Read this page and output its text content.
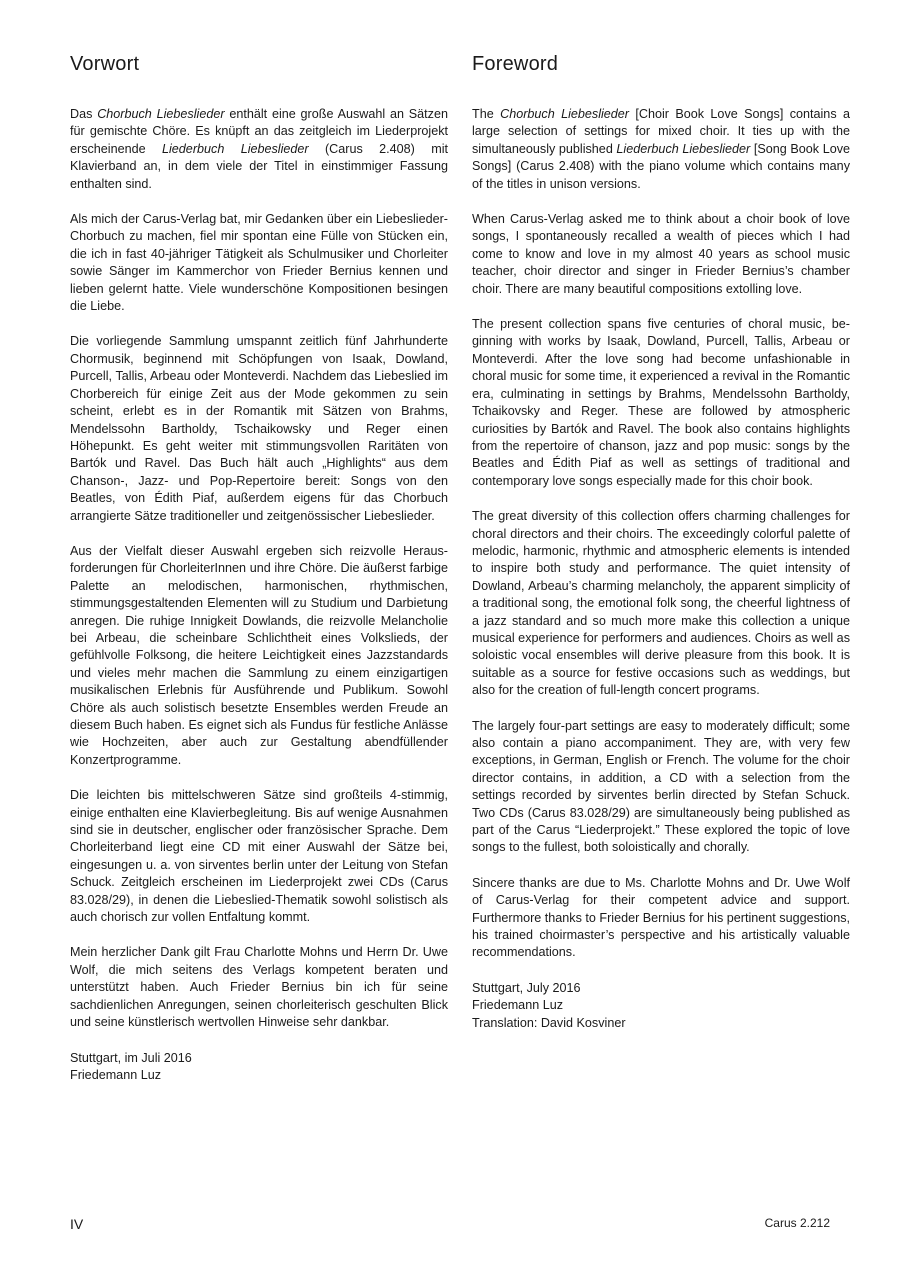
Vorwort

Das Chorbuch Liebeslieder enthält eine große Auswahl an Sätzen für gemischte Chöre. Es knüpft an das zeitgleich im Liederprojekt erscheinende Liederbuch Liebeslieder (Carus 2.408) mit Klavierband an, in dem viele der Titel in einstimmiger Fassung enthalten sind.

Als mich der Carus-Verlag bat, mir Gedanken über ein Liebeslieder-Chorbuch zu machen, fiel mir spontan eine Fülle von Stücken ein, die ich in fast 40-jähriger Tätigkeit als Schulmusiker und Chorleiter sowie Sänger im Kammerchor von Frieder Bernius kennen und lieben gelernt hatte. Viele wunderschöne Kompositionen besingen die Liebe.

Die vorliegende Sammlung umspannt zeitlich fünf Jahrhunderte Chormusik, beginnend mit Schöpfungen von Isaak, Dowland, Purcell, Tallis, Arbeau oder Monteverdi. Nachdem das Liebeslied im Chorbereich für einige Zeit aus der Mode gekommen zu sein scheint, erlebt es in der Romantik mit Sätzen von Brahms, Mendelssohn Bartholdy, Tschaikowsky und Reger einen Höhepunkt. Es geht weiter mit stimmungsvollen Raritäten von Bartók und Ravel. Das Buch hält auch „Highlights“ aus dem Chanson-, Jazz- und Pop-Repertoire bereit: Songs von den Beatles, von Édith Piaf, außerdem eigens für das Chorbuch arrangierte Sätze traditioneller und zeitgenössischer Liebeslieder.

Aus der Vielfalt dieser Auswahl ergeben sich reizvolle Herausforderungen für ChorleiterInnen und ihre Chöre. Die äußerst farbige Palette an melodischen, harmonischen, rhythmischen, stimmungsgestaltenden Elementen will zu Studium und Darbietung anregen. Die ruhige Innigkeit Dowlands, die reizvolle Melancholie bei Arbeau, die scheinbare Schlichtheit eines Volkslieds, der gefühlvolle Folksong, die heitere Leichtigkeit eines Jazzstandards und vieles mehr machen die Sammlung zu einem einzigartigen musikalischen Erlebnis für Ausführende und Publikum. Sowohl Chöre als auch solistisch besetzte Ensembles werden Freude an diesem Buch haben. Es eignet sich als Fundus für festliche Anlässe wie Hochzeiten, aber auch zur Gestaltung abendfüllender Konzertprogramme.

Die leichten bis mittelschweren Sätze sind großteils 4-stimmig, einige enthalten eine Klavierbegleitung. Bis auf wenige Ausnahmen sind sie in deutscher, englischer oder französischer Sprache. Dem Chorleiterband liegt eine CD mit einer Auswahl der Sätze bei, eingesungen u. a. von sirventes berlin unter der Leitung von Stefan Schuck. Zeitgleich erscheinen im Liederprojekt zwei CDs (Carus 83.028/29), in denen die Liebeslied-Thematik sowohl solistisch als auch chorisch zur vollen Entfaltung kommt.

Mein herzlicher Dank gilt Frau Charlotte Mohns und Herrn Dr. Uwe Wolf, die mich seitens des Verlags kompetent beraten und unterstützt haben. Auch Frieder Bernius bin ich für seine sachdienlichen Anregungen, seinen chorleiterisch geschulten Blick und seine künstlerisch wertvollen Hinweise sehr dankbar.

Stuttgart, im Juli 2016
Friedemann Luz

Foreword

The Chorbuch Liebeslieder [Choir Book Love Songs] contains a large selection of settings for mixed choir. It ties up with the simultaneously published Liederbuch Liebeslieder [Song Book Love Songs] (Carus 2.408) with the piano volume which contains many of the titles in unison versions.

When Carus-Verlag asked me to think about a choir book of love songs, I spontaneously recalled a wealth of pieces which I had come to know and love in my almost 40 years as school music teacher, choir director and singer in Frieder Bernius’s chamber choir. There are many beautiful compositions extolling love.

The present collection spans five centuries of choral music, beginning with works by Isaak, Dowland, Purcell, Tallis, Arbeau or Monteverdi. After the love song had become unfashionable in choral music for some time, it experienced a revival in the Romantic era, culminating in settings by Brahms, Mendelssohn Bartholdy, Tchaikovsky and Reger. These are followed by atmospheric curiosities by Bartók and Ravel. The book also contains highlights from the repertoire of chanson, jazz and pop music: songs by the Beatles and Édith Piaf as well as settings of traditional and contemporary love songs especially made for this choir book.

The great diversity of this collection offers charming challenges for choral directors and their choirs. The exceedingly colorful palette of melodic, harmonic, rhythmic and atmospheric elements is intended to inspire both study and performance. The quiet intensity of Dowland, Arbeau’s charming melancholy, the apparent simplicity of a traditional song, the emotional folk song, the cheerful lightness of a jazz standard and so much more make this collection a unique musical experience for performers and audiences. Choirs as well as soloistic vocal ensembles will derive pleasure from this book. It is suitable as a source for festive occasions such as weddings, but also for the creation of full-length concert programs.

The largely four-part settings are easy to moderately difficult; some also contain a piano accompaniment. They are, with very few exceptions, in German, English or French. The volume for the choir director contains, in addition, a CD with a selection from the settings recorded by sirventes berlin directed by Stefan Schuck. Two CDs (Carus 83.028/29) are simultaneously being published as part of the Carus “Liederprojekt.” These explored the topic of love songs to the fullest, both soloistically and chorally.

Sincere thanks are due to Ms. Charlotte Mohns and Dr. Uwe Wolf of Carus-Verlag for their competent advice and support. Furthermore thanks to Frieder Bernius for his pertinent suggestions, his trained choirmaster’s perspective and his artistically valuable recommendations.

Stuttgart, July 2016
Friedemann Luz
Translation: David Kosviner

IV	Carus 2.212
